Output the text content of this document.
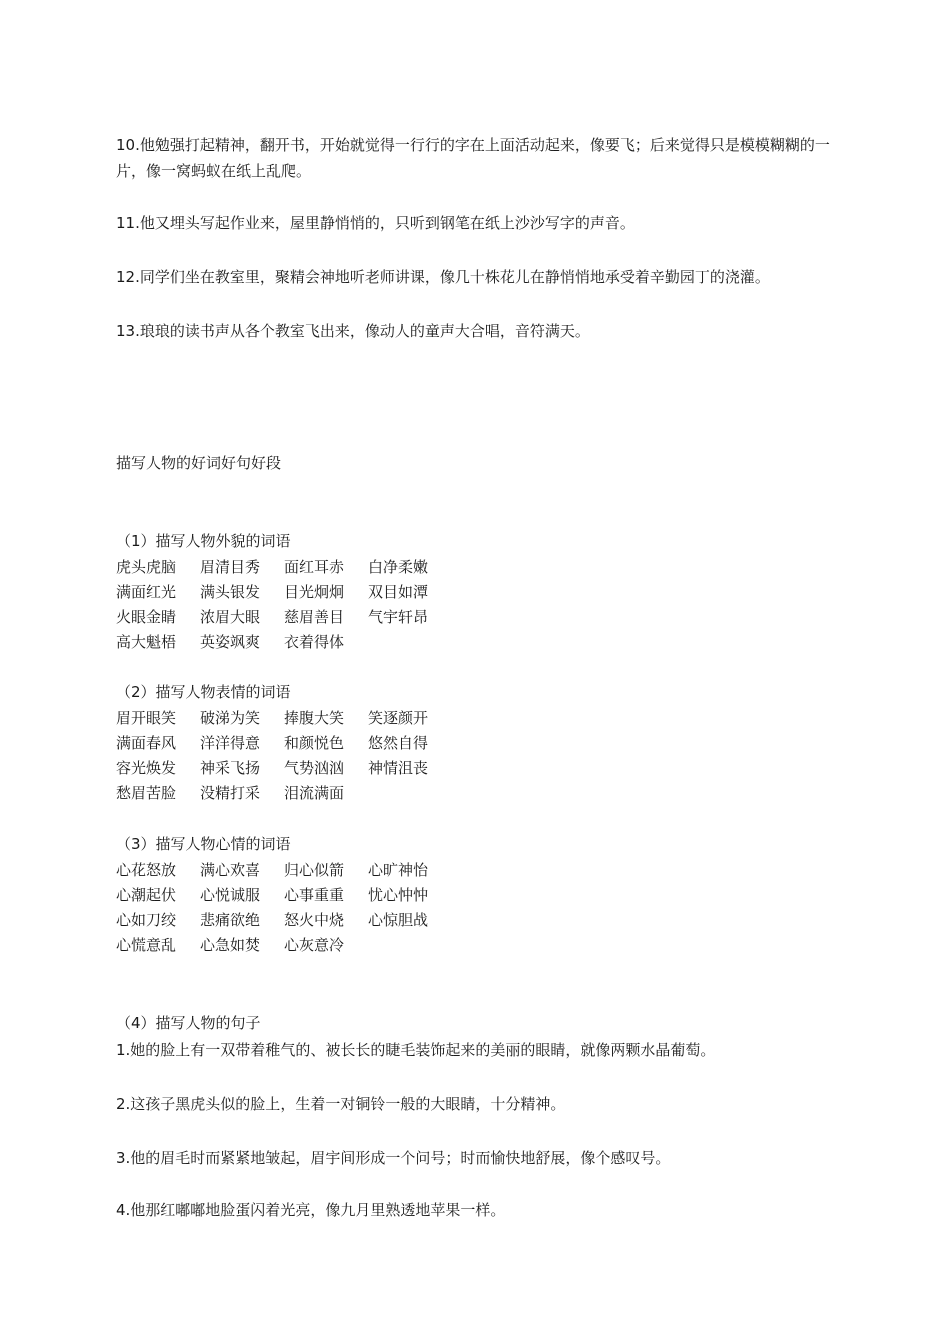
10.他勉强打起精神，翻开书，开始就觉得一行行的字在上面活动起来，像要飞；后来觉得只是模模糊糊的一片，像一窝蚂蚁在纸上乱爬。

11.他又埋头写起作业来，屋里静悄悄的，只听到钢笔在纸上沙沙写字的声音。

12.同学们坐在教室里，聚精会神地听老师讲课，像几十株花儿在静悄悄地承受着辛勤园丁的浇灌。

13.琅琅的读书声从各个教室飞出来，像动人的童声大合唱，音符满天。

描写人物的好词好句好段

（1）描写人物外貌的词语

虎头虎脑	眉清目秀	面红耳赤	白净柔嫩
满面红光	满头银发	目光炯炯	双目如潭
火眼金睛	浓眉大眼	慈眉善目	气宇轩昂
高大魁梧	英姿飒爽	衣着得体

（2）描写人物表情的词语

眉开眼笑	破涕为笑	捧腹大笑	笑逐颜开
满面春风	洋洋得意	和颜悦色	悠然自得
容光焕发	神采飞扬	气势汹汹	神情沮丧
愁眉苦脸	没精打采	泪流满面

（3）描写人物心情的词语

心花怒放	满心欢喜	归心似箭	心旷神怡
心潮起伏	心悦诚服	心事重重	忧心忡忡
心如刀绞	悲痛欲绝	怒火中烧	心惊胆战
心慌意乱	心急如焚	心灰意冷

（4）描写人物的句子

1.她的脸上有一双带着稚气的、被长长的睫毛装饰起来的美丽的眼睛，就像两颗水晶葡萄。

2.这孩子黑虎头似的脸上，生着一对铜铃一般的大眼睛，十分精神。

3.他的眉毛时而紧紧地皱起，眉宇间形成一个问号；时而愉快地舒展，像个感叹号。

4.他那红嘟嘟地脸蛋闪着光亮，像九月里熟透地苹果一样。
